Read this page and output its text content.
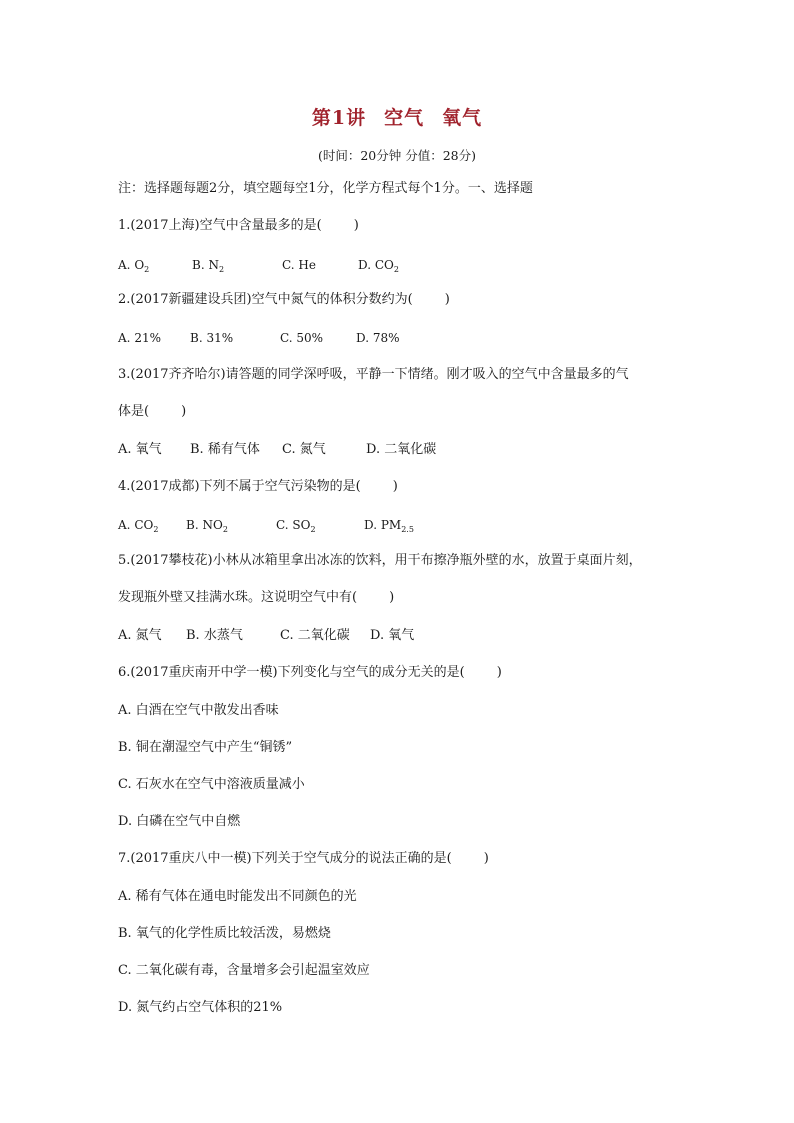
第1讲 空气 氧气
(时间：20分钟 分值：28分)
注：选择题每题2分，填空题每空1分，化学方程式每个1分。一、选择题
1.(2017上海)空气中含量最多的是( )
A. $O_2$	B. $N_2$	C. He	D. $CO_2$
2.(2017新疆建设兵团)空气中氮气的体积分数约为( )
A. 21% B. 31%	C. 50%	D. 78%
3.(2017齐齐哈尔)请答题的同学深呼吸，平静一下情绪。刚才吸入的空气中含量最多的气
体是( )
A. 氧气 B. 稀有气体 C. 氮气	D. 二氧化碳
4.(2017成都)下列不属于空气污染物的是( )
A. $CO_2$ B. $NO_2$	C. $SO_2$	D. $PM_{2.5}$
5.(2017攀枝花)小林从冰箱里拿出冰冻的饮料，用干布擦净瓶外壁的水，放置于桌面片刻，
发现瓶外壁又挂满水珠。这说明空气中有( )
A. 氮气 B. 水蒸气	C. 二氧化碳 D. 氧气
6.(2017重庆南开中学一模)下列变化与空气的成分无关的是( )
A. 白酒在空气中散发出香味
B. 铜在潮湿空气中产生“铜锈”
C. 石灰水在空气中溶液质量减小
D. 白磷在空气中自燃
7.(2017重庆八中一模)下列关于空气成分的说法正确的是( )
A. 稀有气体在通电时能发出不同颜色的光
B. 氧气的化学性质比较活泼，易燃烧
C. 二氧化碳有毒，含量增多会引起温室效应
D. 氮气约占空气体积的21%
